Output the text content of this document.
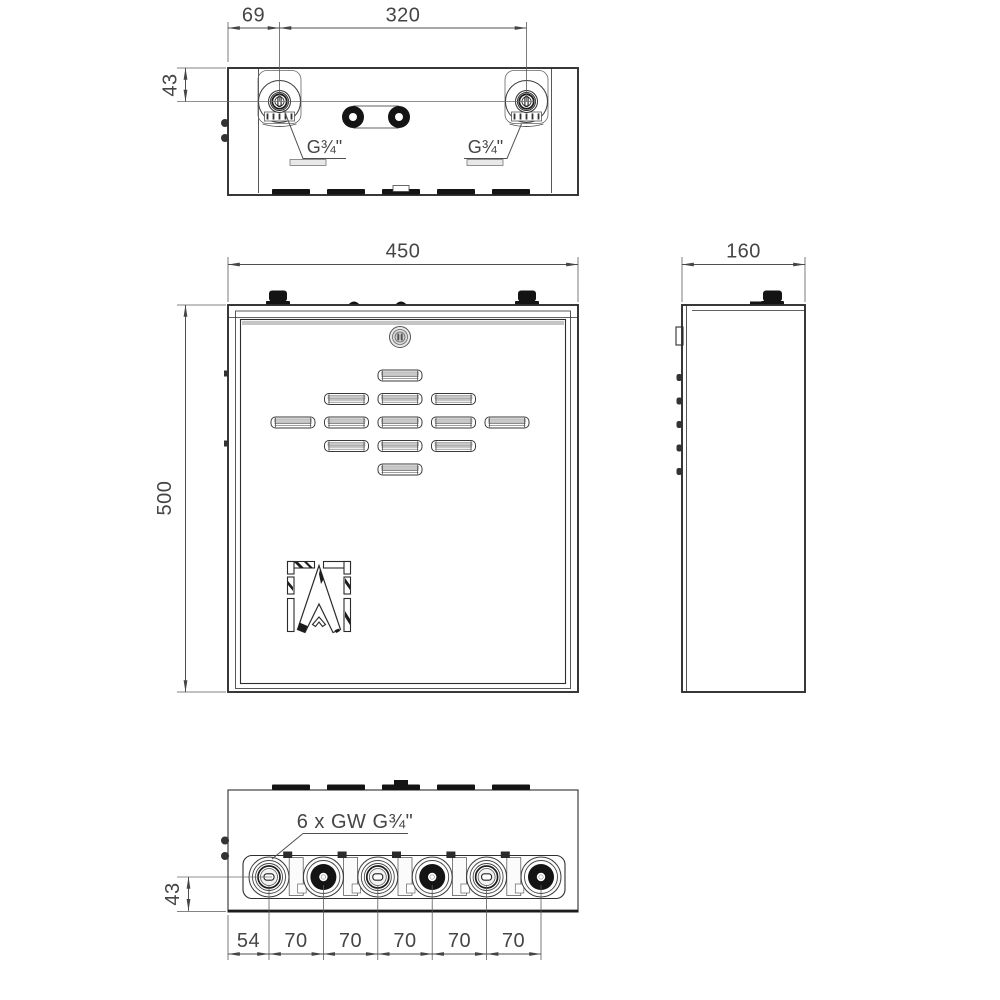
69	320
43
G¾"	G¾"
450
500
160
6 x GW G¾"
43
54 70 70 70 70 70
